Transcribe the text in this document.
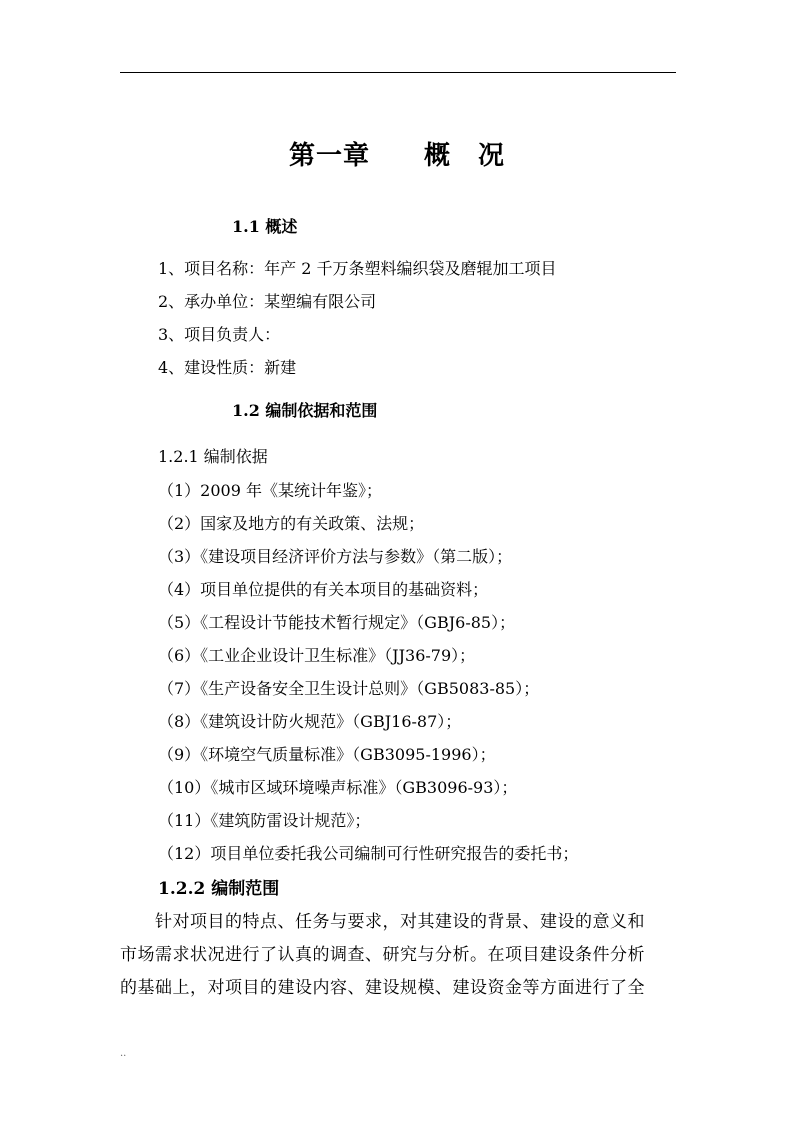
第一章　　概　况
1.1 概述
1、项目名称：年产 2 千万条塑料编织袋及磨辊加工项目
2、承办单位：某塑编有限公司
3、项目负责人：
4、建设性质：新建
1.2 编制依据和范围
1.2.1 编制依据
（1）2009 年《某统计年鉴》；
（2）国家及地方的有关政策、法规；
（3）《建设项目经济评价方法与参数》（第二版）；
（4）项目单位提供的有关本项目的基础资料；
（5）《工程设计节能技术暂行规定》（GBJ6-85）；
（6）《工业企业设计卫生标准》（JJ36-79）；
（7）《生产设备安全卫生设计总则》（GB5083-85）；
（8）《建筑设计防火规范》（GBJ16-87）；
（9）《环境空气质量标准》（GB3095-1996）；
（10）《城市区域环境噪声标准》（GB3096-93）；
（11）《建筑防雷设计规范》；
（12）项目单位委托我公司编制可行性研究报告的委托书；
1.2.2 编制范围
　　针对项目的特点、任务与要求，对其建设的背景、建设的意义和
市场需求状况进行了认真的调查、研究与分析。在项目建设条件分析
的基础上，对项目的建设内容、建设规模、建设资金等方面进行了全
..
